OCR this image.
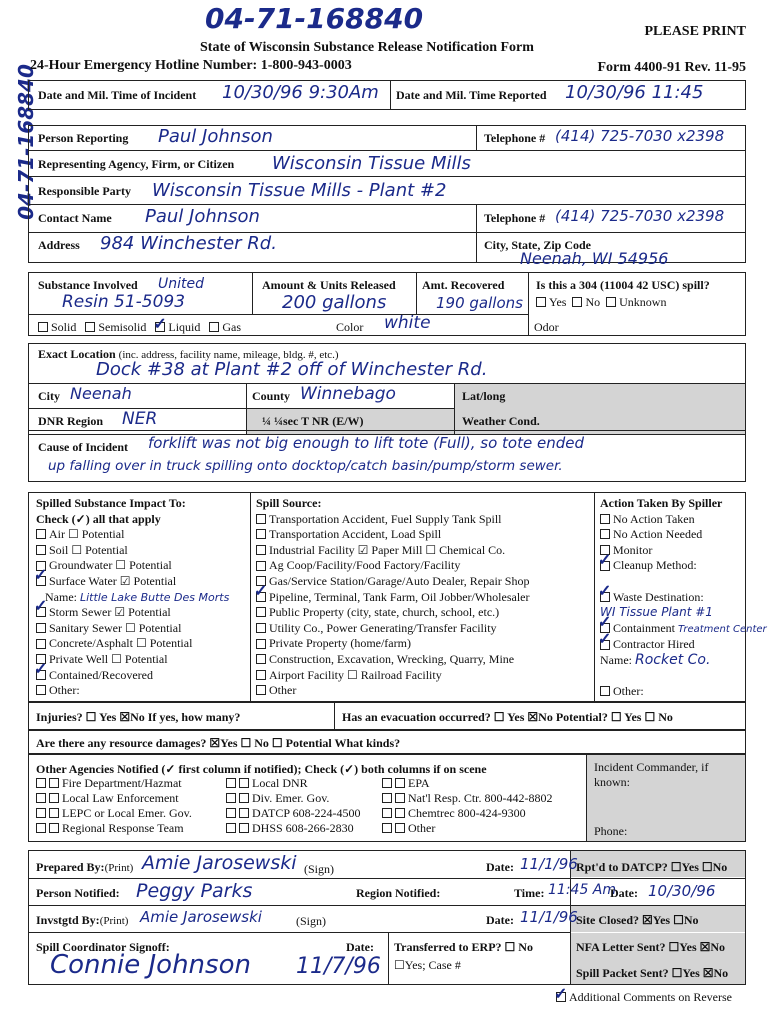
04-71-168840
04-71-168840
PLEASE PRINT
State of Wisconsin Substance Release Notification Form
24-Hour Emergency Hotline Number: 1-800-943-0003	Form 4400-91 Rev. 11-95
Date and Mil. Time of Incident 10/30/96 9:30Am Date and Mil. Time Reported 10/30/96 11:45
Person Reporting Paul Johnson	Telephone # (414) 725-7030 x2398
Representing Agency, Firm, or Citizen Wisconsin Tissue Mills
Responsible Party Wisconsin Tissue Mills - Plant #2
Contact Name Paul Johnson	Telephone # (414) 725-7030 x2398
Address 984 Winchester Rd.	City, State, Zip Code
Neenah, WI 54956
Substance Involved United
Resin 51-5093
Amount & Units Released
200 gallons
Amt. Recovered
190 gallons
Is this a 304 (11004 42 USC) spill?
Yes No Unknown
Solid Semisolid   ✓ Liquid Gas	Color white	Odor
Exact Location (inc. address, facility name, mileage, bldg. #, etc.)
Dock #38 at Plant #2 off of Winchester Rd.
City Neenah	County Winnebago	Lat/long
DNR Region NER	¼ ¼sec T NR (E/W)	Weather Cond.
Cause of Incident forklift was not big enough to lift tote (Full), so tote ended
up falling over in truck spilling onto docktop/catch basin/pump/storm sewer.
Spilled Substance Impact To:
Check (✓) all that apply
Air ☐ Potential
Soil ☐ Potential
Groundwater ☐ Potential
✓Surface Water ☑ Potential
Name: Little Lake Butte Des Morts
✓Storm Sewer ☑ Potential
Sanitary Sewer ☐ Potential
Concrete/Asphalt ☐ Potential
Private Well ☐ Potential
✓Contained/Recovered
Other:
Spill Source:
Transportation Accident, Fuel Supply Tank Spill
Transportation Accident, Load Spill
Industrial Facility ☑ Paper Mill ☐ Chemical Co.
Ag Coop/Facility/Food Factory/Facility
Gas/Service Station/Garage/Auto Dealer, Repair Shop
✓Pipeline, Terminal, Tank Farm, Oil Jobber/Wholesaler
Public Property (city, state, church, school, etc.)
Utility Co., Power Generating/Transfer Facility
Private Property (home/farm)
Construction, Excavation, Wrecking, Quarry, Mine
Airport Facility ☐ Railroad Facility
Other
Action Taken By Spiller
No Action Taken
No Action Needed
Monitor
✓Cleanup Method:

✓Waste Destination:
WI Tissue Plant #1
✓Containment Treatment Center
✓Contractor Hired
Name: Rocket Co.

Other:
Injuries? ☐ Yes ☒No If yes, how many?	Has an evacuation occurred? ☐ Yes ☒No Potential? ☐ Yes ☐ No
Are there any resource damages? ☒Yes ☐ No ☐ Potential What kinds?
Other Agencies Notified (✓ first column if notified); Check (✓) both columns if on scene
Fire Department/Hazmat
Local Law Enforcement
LEPC or Local Emer. Gov.
Regional Response Team
Local DNR
Div. Emer. Gov.
DATCP 608-224-4500
DHSS 608-266-2830
EPA
Nat'l Resp. Ctr. 800-442-8802
Chemtrec 800-424-9300
Other
Incident Commander, if known:
Phone:
Prepared By:(Print) Amie Jarosewski (Sign)	Date: 11/1/96
Rpt'd to DATCP? ☐Yes ☐No
Person Notified: Peggy Parks	Region Notified:	Time: 11:45 Am
Date: 10/30/96
Invstgtd By:(Print) Amie Jarosewski	(Sign)	Date: 11/1/96
Site Closed? ☒Yes ☐No
Spill Coordinator Signoff:
Connie Johnson
Date:
11/7/96
Transferred to ERP? ☐ No
☐Yes; Case #
NFA Letter Sent? ☐Yes ☒No
Spill Packet Sent? ☐Yes ☒No
✓Additional Comments on Reverse
